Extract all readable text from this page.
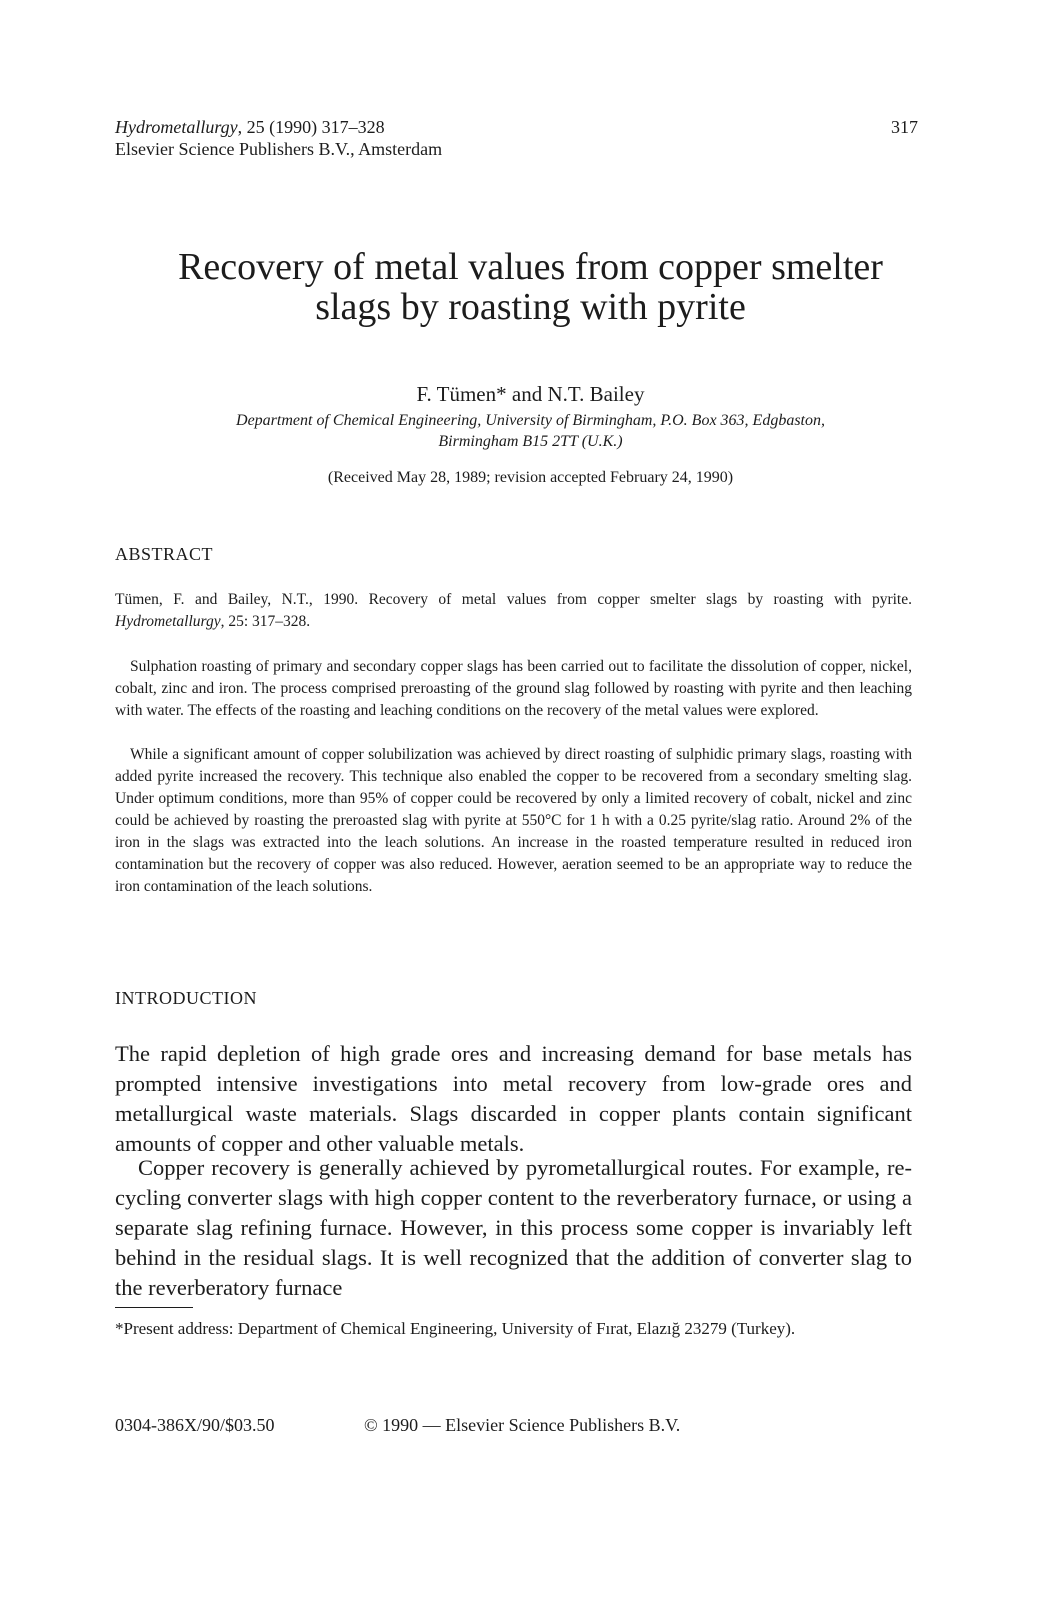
Hydrometallurgy, 25 (1990) 317–328
Elsevier Science Publishers B.V., Amsterdam
317
Recovery of metal values from copper smelter
slags by roasting with pyrite
F. Tümen* and N.T. Bailey
Department of Chemical Engineering, University of Birmingham, P.O. Box 363, Edgbaston,
Birmingham B15 2TT (U.K.)
(Received May 28, 1989; revision accepted February 24, 1990)
ABSTRACT

Tümen, F. and Bailey, N.T., 1990. Recovery of metal values from copper smelter slags by roasting with pyrite. Hydrometallurgy, 25: 317–328.

Sulphation roasting of primary and secondary copper slags has been carried out to facilitate the dissolution of copper, nickel, cobalt, zinc and iron. The process comprised preroasting of the ground slag followed by roasting with pyrite and then leaching with water. The effects of the roasting and leaching conditions on the recovery of the metal values were explored.

While a significant amount of copper solubilization was achieved by direct roasting of sulphidic primary slags, roasting with added pyrite increased the recovery. This technique also enabled the copper to be recovered from a secondary smelting slag. Under optimum conditions, more than 95% of copper could be recovered by only a limited recovery of cobalt, nickel and zinc could be achieved by roasting the preroasted slag with pyrite at 550°C for 1 h with a 0.25 pyrite/slag ratio. Around 2% of the iron in the slags was extracted into the leach solutions. An increase in the roasted temperature resulted in reduced iron contamination but the recovery of copper was also reduced. However, aeration seemed to be an appropriate way to reduce the iron contamination of the leach solutions.

INTRODUCTION

The rapid depletion of high grade ores and increasing demand for base metals has prompted intensive investigations into metal recovery from low-grade ores and metallurgical waste materials. Slags discarded in copper plants contain significant amounts of copper and other valuable metals.

Copper recovery is generally achieved by pyrometallurgical routes. For example, re-cycling converter slags with high copper content to the reverberatory furnace, or using a separate slag refining furnace. However, in this process some copper is invariably left behind in the residual slags. It is well recognized that the addition of converter slag to the reverberatory furnace

*Present address: Department of Chemical Engineering, University of Fırat, Elazığ 23279 (Turkey).

0304-386X/90/$03.50	© 1990 — Elsevier Science Publishers B.V.
